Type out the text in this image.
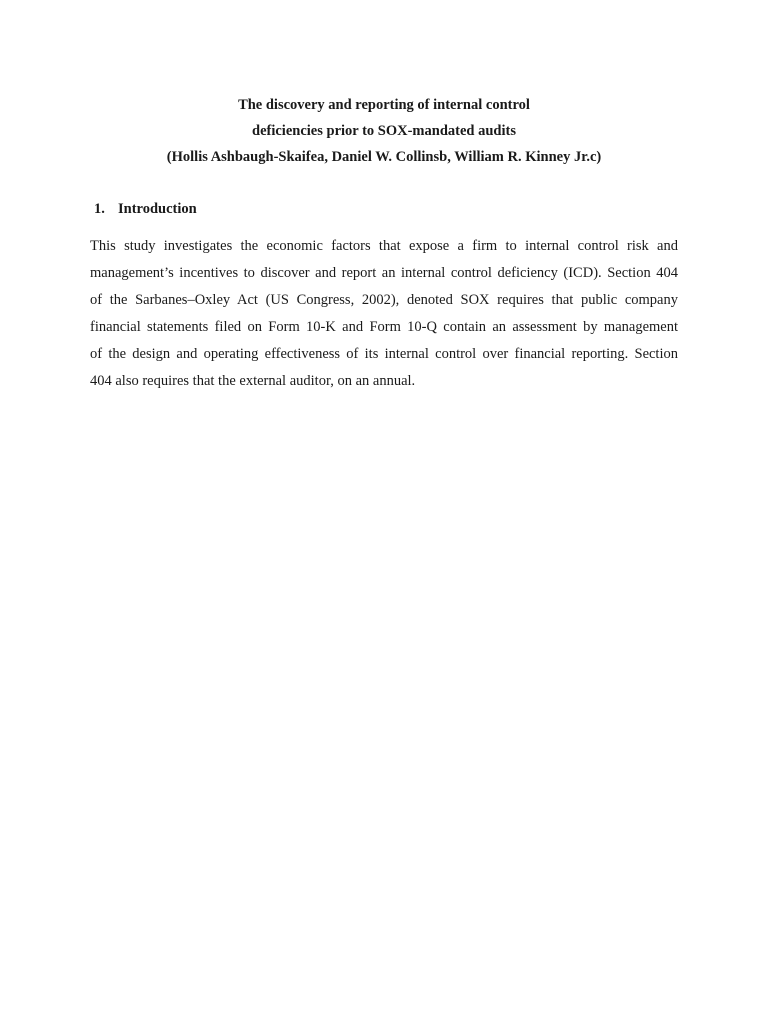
The discovery and reporting of internal control
deficiencies prior to SOX-mandated audits
(Hollis Ashbaugh-Skaifea, Daniel W. Collinsb, William R. Kinney Jr.c)
1. Introduction
This study investigates the economic factors that expose a firm to internal control risk and
management’s incentives to discover and report an internal control deficiency (ICD). Section 404
of the Sarbanes–Oxley Act (US Congress, 2002), denoted SOX requires that public company
financial statements filed on Form 10-K and Form 10-Q contain an assessment by management
of the design and operating effectiveness of its internal control over financial reporting. Section
404 also requires that the external auditor, on an annual.
